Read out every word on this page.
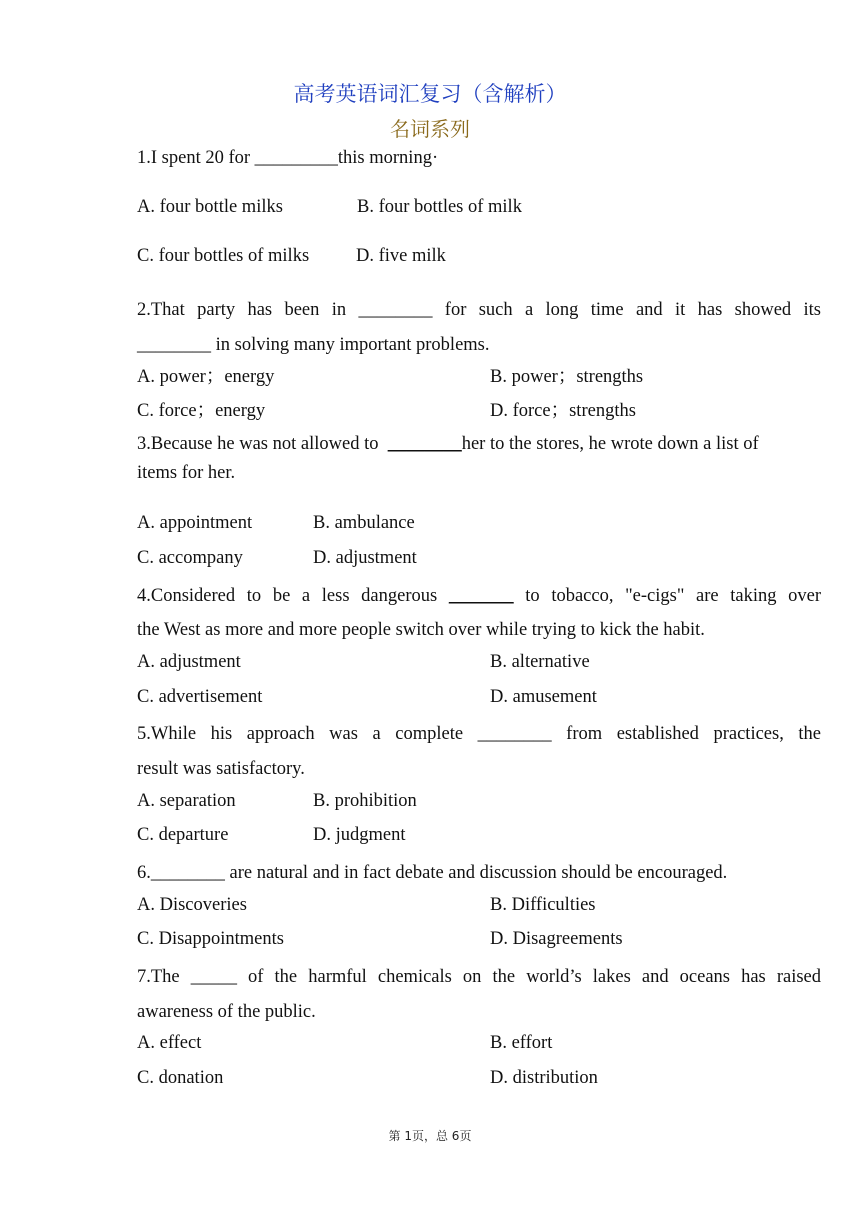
高考英语词汇复习（含解析）
名词系列
1.I spent 20 for _________this morning·
A. four bottle milks	B. four bottles of milk
C. four bottles of milks	D. five milk
2.That party has been in ________ for such a long time and it has showed its
________ in solving many important problems.
A. power；energy	B. power；strengths
C. force；energy	D. force；strengths
3.Because he was not allowed to ________her to the stores, he wrote down a list of
items for her.
A. appointment	B. ambulance
C. accompany	D. adjustment
4.Considered to be a less dangerous _______ to tobacco, "e-cigs" are taking over
the West as more and more people switch over while trying to kick the habit.
A. adjustment	B. alternative
C. advertisement	D. amusement
5.While his approach was a complete ________ from established practices, the
result was satisfactory.
A. separation	B. prohibition
C. departure	D. judgment
6.________ are natural and in fact debate and discussion should be encouraged.
A. Discoveries	B. Difficulties
C. Disappointments	D. Disagreements
7.The _____ of the harmful chemicals on the world’s lakes and oceans has raised
awareness of the public.
A. effect	B. effort
C. donation	D. distribution
第 1页，总 6页
